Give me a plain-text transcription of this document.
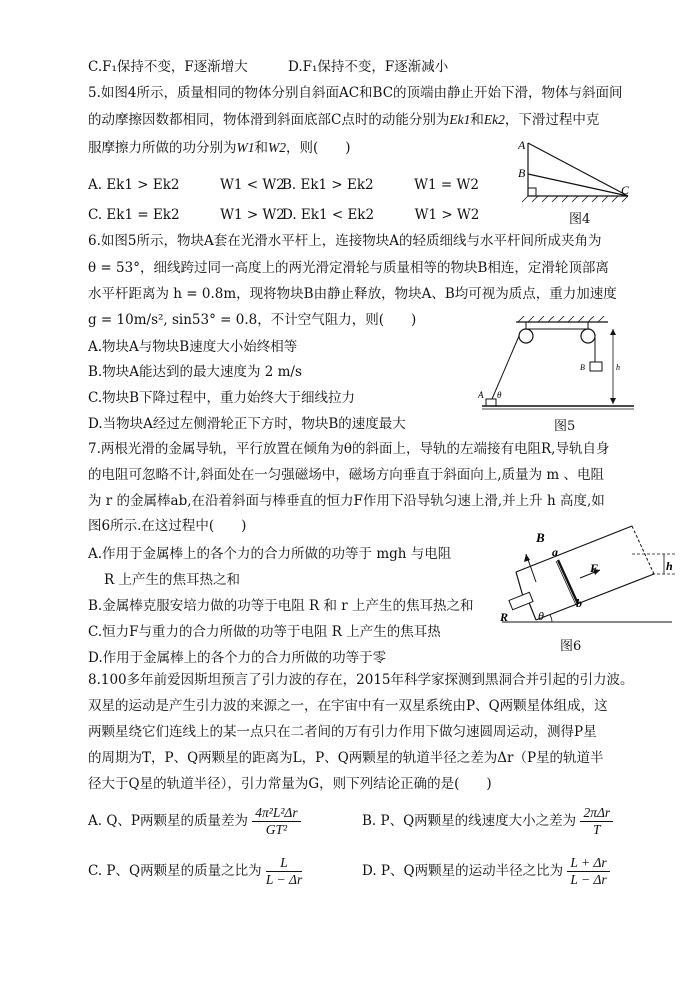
C.F₁保持不变，F逐渐增大	D.F₁保持不变，F逐渐减小
5.如图4所示，质量相同的物体分别自斜面AC和BC的顶端由静止开始下滑，物体与斜面间
的动摩擦因数都相同，物体滑到斜面底部C点时的动能分别为Ek1和Ek2，下滑过程中克
服摩擦力所做的功分别为W1和W2，则(　　)
A. Ek1 > Ek2　　　W1 < W2
B. Ek1 > Ek2　　　W1 = W2
C. Ek1 = Ek2　　　W1 > W2
D. Ek1 < Ek2　　　W1 > W2
A
B
C
图4
6.如图5所示，物块A套在光滑水平杆上，连接物块A的轻质细线与水平杆间所成夹角为
θ = 53°，细线跨过同一高度上的两光滑定滑轮与质量相等的物块B相连，定滑轮顶部离
水平杆距离为 h = 0.8m，现将物块B由静止释放，物块A、B均可视为质点，重力加速度
g = 10m/s², sin53° = 0.8，不计空气阻力，则(　　)
A.物块A与物块B速度大小始终相等
B.物块A能达到的最大速度为 2 m/s
C.物块B下降过程中，重力始终大于细线拉力
D.当物块A经过左侧滑轮正下方时，物块B的速度最大
A θ
B	h
图5
7.两根光滑的金属导轨，平行放置在倾角为θ的斜面上，导轨的左端接有电阻R,导轨自身
的电阻可忽略不计,斜面处在一匀强磁场中，磁场方向垂直于斜面向上,质量为 m 、电阻
为 r 的金属棒ab,在沿着斜面与棒垂直的恒力F作用下沿导轨匀速上滑,并上升 h 高度,如
图6所示.在这过程中(　　)
A.作用于金属棒上的各个力的合力所做的功等于 mgh 与电阻
R 上产生的焦耳热之和
B.金属棒克服安培力做的功等于电阻 R 和 r 上产生的焦耳热之和
C.恒力F与重力的合力所做的功等于电阻 R 上产生的焦耳热
D.作用于金属棒上的各个力的合力所做的功等于零
B
a
F	h
b
R θ
图6
8.100多年前爱因斯坦预言了引力波的存在，2015年科学家探测到黑洞合并引起的引力波。
双星的运动是产生引力波的来源之一，在宇宙中有一双星系统由P、Q两颗星体组成，这
两颗星绕它们连线上的某一点只在二者间的万有引力作用下做匀速圆周运动，测得P星
的周期为T，P、Q两颗星的距离为L，P、Q两颗星的轨道半径之差为Δr（P星的轨道半
径大于Q星的轨道半径），引力常量为G，则下列结论正确的是(　　)
A. Q、P两颗星的质量差为 $\frac{\text{4π²L²Δr}}{\text{GT²}}$	B. P、Q两颗星的线速度大小之差为 $\frac{\text{2πΔr}}{T}$
C. P、Q两颗星的质量之比为 $\frac{L}{L - \Delta r}$	D. P、Q两颗星的运动半径之比为 $\frac{L + \Delta r}{L - \Delta r}$
